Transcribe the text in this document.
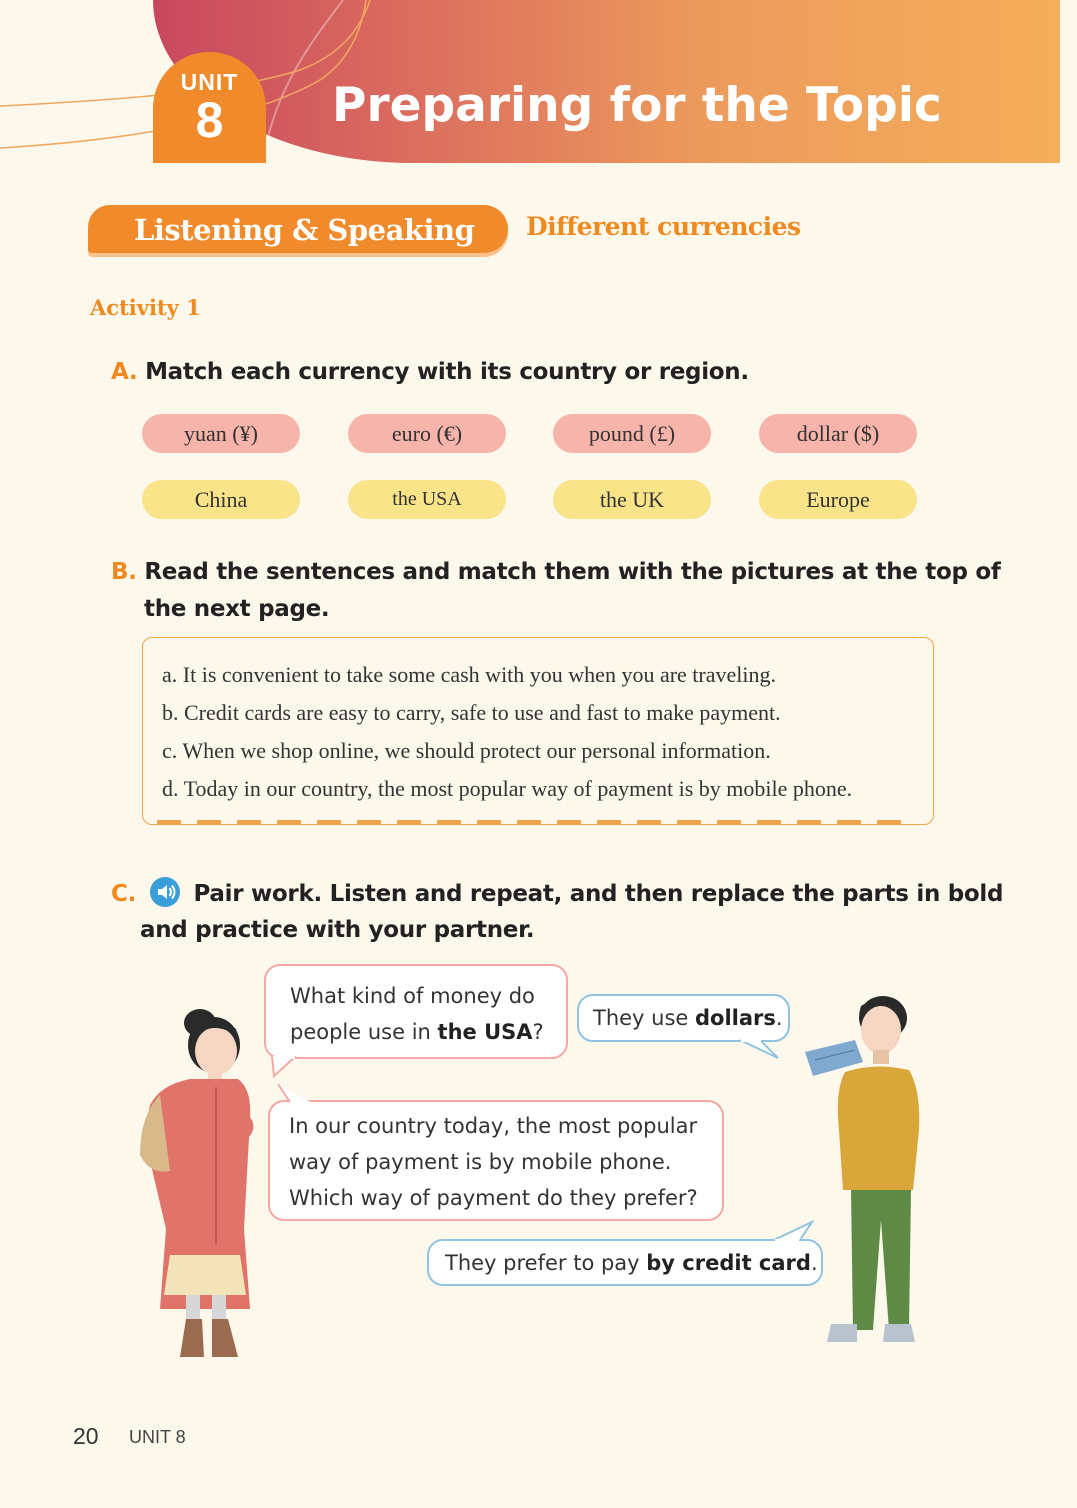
UNIT
8	Preparing for the Topic
Listening & Speaking Different currencies
Activity 1
A. Match each currency with its country or region.
yuan (¥)	euro (€)	pound (£)	dollar ($)
China	the USA	the UK	Europe
B. Read the sentences and match them with the pictures at the top of
the next page.
a. It is convenient to take some cash with you when you are traveling.
b. Credit cards are easy to carry, safe to use and fast to make payment.
c. When we shop online, we should protect our personal information.
d. Today in our country, the most popular way of payment is by mobile phone.
C. Pair work. Listen and repeat, and then replace the parts in bold
and practice with your partner.
What kind of money do
people use in the USA?
They use dollars.
In our country today, the most popular
way of payment is by mobile phone.
Which way of payment do they prefer?
They prefer to pay by credit card.
20 UNIT 8
